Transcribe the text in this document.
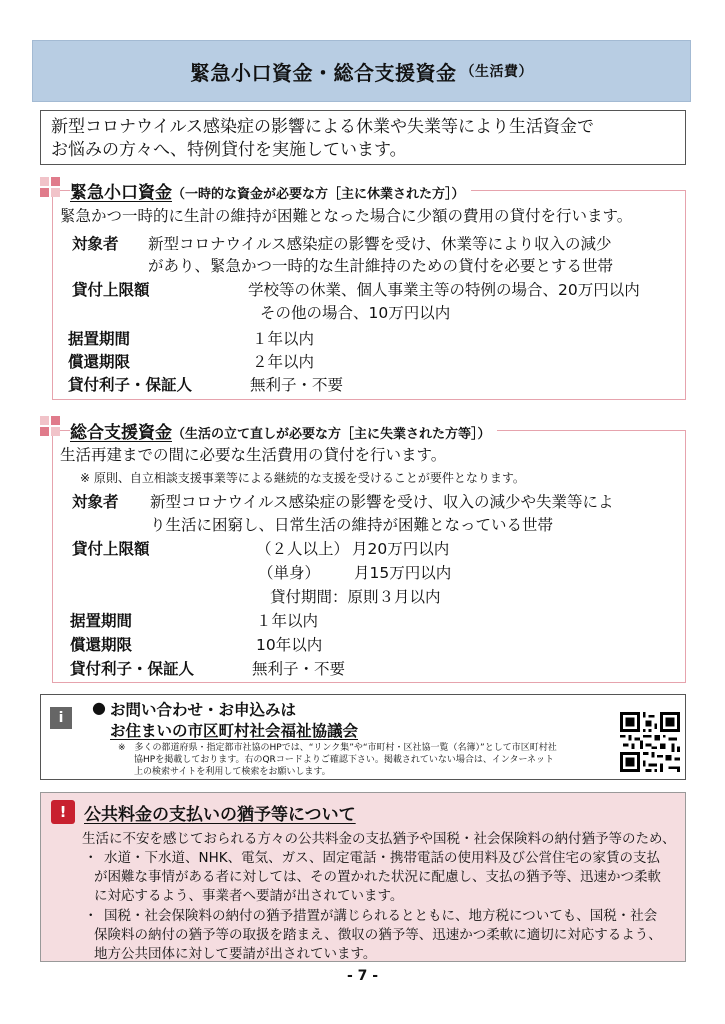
緊急小口資金・総合支援資金 （生活費）
新型コロナウイルス感染症の影響による休業や失業等により生活資金で
お悩みの方々へ、特例貸付を実施しています。
緊急小口資金（一時的な資金が必要な方［主に休業された方］）
緊急かつ一時的に生計の維持が困難となった場合に少額の費用の貸付を行います。
対象者 新型コロナウイルス感染症の影響を受け、休業等により収入の減少
があり、緊急かつ一時的な生計維持のための貸付を必要とする世帯
貸付上限額	学校等の休業、個人事業主等の特例の場合、20万円以内
その他の場合、10万円以内
据置期間	１年以内
償還期限	２年以内
貸付利子・保証人	無利子・不要
総合支援資金（生活の立て直しが必要な方［主に失業された方等］）
生活再建までの間に必要な生活費用の貸付を行います。
※ 原則、自立相談支援事業等による継続的な支援を受けることが要件となります。
対象者 新型コロナウイルス感染症の影響を受け、収入の減少や失業等によ
り生活に困窮し、日常生活の維持が困難となっている世帯
貸付上限額	（２人以上） 月20万円以内
（単身） 月15万円以内
貸付期間：原則３月以内
据置期間	１年以内
償還期限	10年以内
貸付利子・保証人	無利子・不要
i
● お問い合わせ・お申込みは
お住まいの市区町村社会福祉協議会
※　多くの都道府県・指定都市社協のHPでは、“リンク集”や“市町村・区社協一覧（名簿）”として市区町村社
協HPを掲載しております。右のQRコードよりご確認下さい。掲載されていない場合は、インターネット
上の検索サイトを利用して検索をお願いします。
!	公共料金の支払いの猶予等について
生活に不安を感じておられる方々の公共料金の支払猶予や国税・社会保険料の納付猶予等のため、
・ 水道・下水道、NHK、電気、ガス、固定電話・携帯電話の使用料及び公営住宅の家賃の支払
が困難な事情がある者に対しては、その置かれた状況に配慮し、支払の猶予等、迅速かつ柔軟
に対応するよう、事業者へ要請が出されています。
・ 国税・社会保険料の納付の猶予措置が講じられるとともに、地方税についても、国税・社会
保険料の納付の猶予等の取扱を踏まえ、徴収の猶予等、迅速かつ柔軟に適切に対応するよう、
地方公共団体に対して要請が出されています。
- 7 -
